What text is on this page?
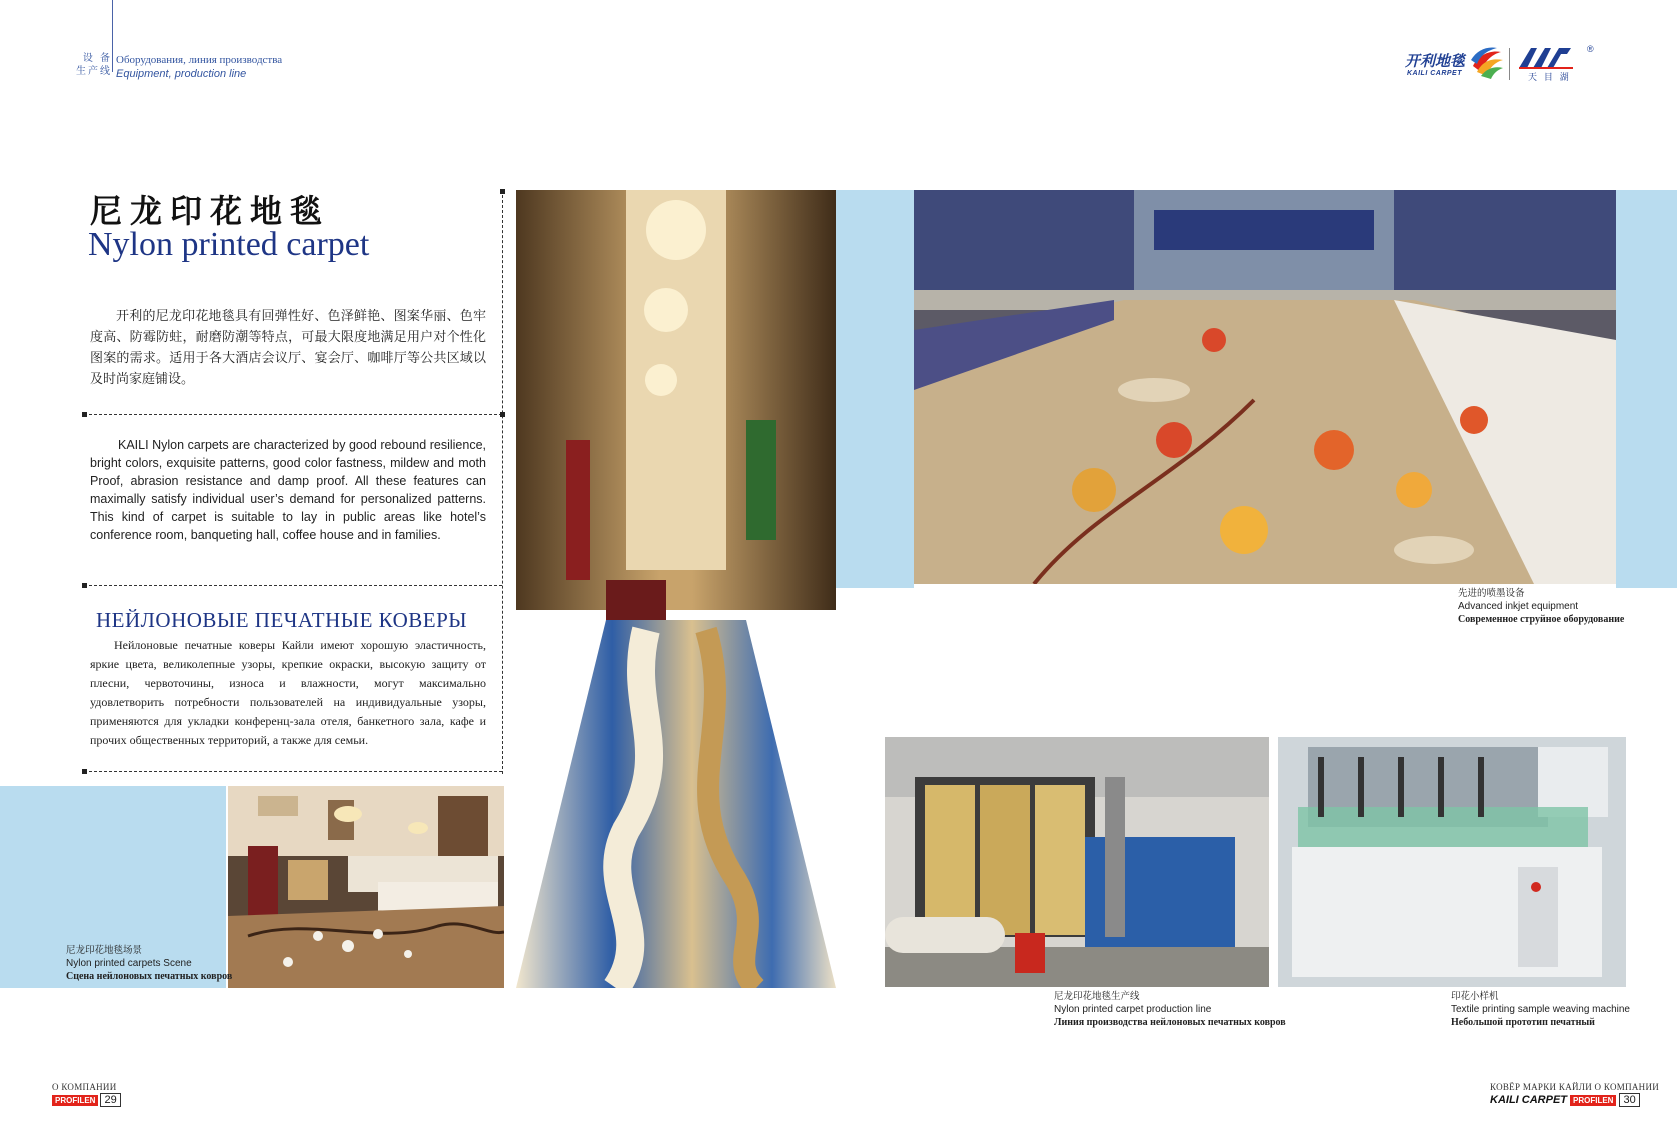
设 备 生产线
Оборудования, линия производства
Equipment, production line
开利地毯
KAILI CARPET	天 目 湖
®
尼龙印花地毯
Nylon printed carpet
开利的尼龙印花地毯具有回弹性好、色泽鲜艳、图案华丽、色牢度高、防霉防蛀，耐磨防潮等特点，可最大限度地满足用户对个性化图案的需求。适用于各大酒店会议厅、宴会厅、咖啡厅等公共区域以及时尚家庭铺设。
KAILI Nylon carpets are characterized by good rebound resilience, bright colors, exquisite patterns, good color fastness, mildew and moth Proof, abrasion resistance and damp proof. All these features can maximally satisfy individual user’s demand for personalized patterns. This kind of carpet is suitable to lay in public areas like hotel’s conference room, banqueting hall, coffee house and in families.
НЕЙЛОНОВЫЕ ПЕЧАТНЫЕ КОВЕРЫ
Нейлоновые печатные коверы Кайли имеют хорошую эластичность, яркие цвета, великолепные узоры, крепкие окраски, высокую защиту от плесни, червоточины, износа и влажности, могут максимально удовлетворить потребности пользователей на индивидуальные узоры, применяются для укладки конференц-зала отеля, банкетного зала, кафе и прочих общественных территорий, а также для семьи.
尼龙印花地毯场景
Nylon printed carpets Scene
Сцена нейлоновых печатных ковров
先进的喷墨设备
Advanced inkjet equipment
Современное струйное оборудование
尼龙印花地毯生产线
Nylon printed carpet production line
Линия производства нейлоновых печатных ковров
印花小样机
Textile printing sample weaving machine
Небольшой прототип печатный
О КОМПАНИИ
PROFILEN 29
КОВЁР МАРКИ КАЙЛИ О КОМПАНИИ
KAILI CARPET PROFILEN 30
